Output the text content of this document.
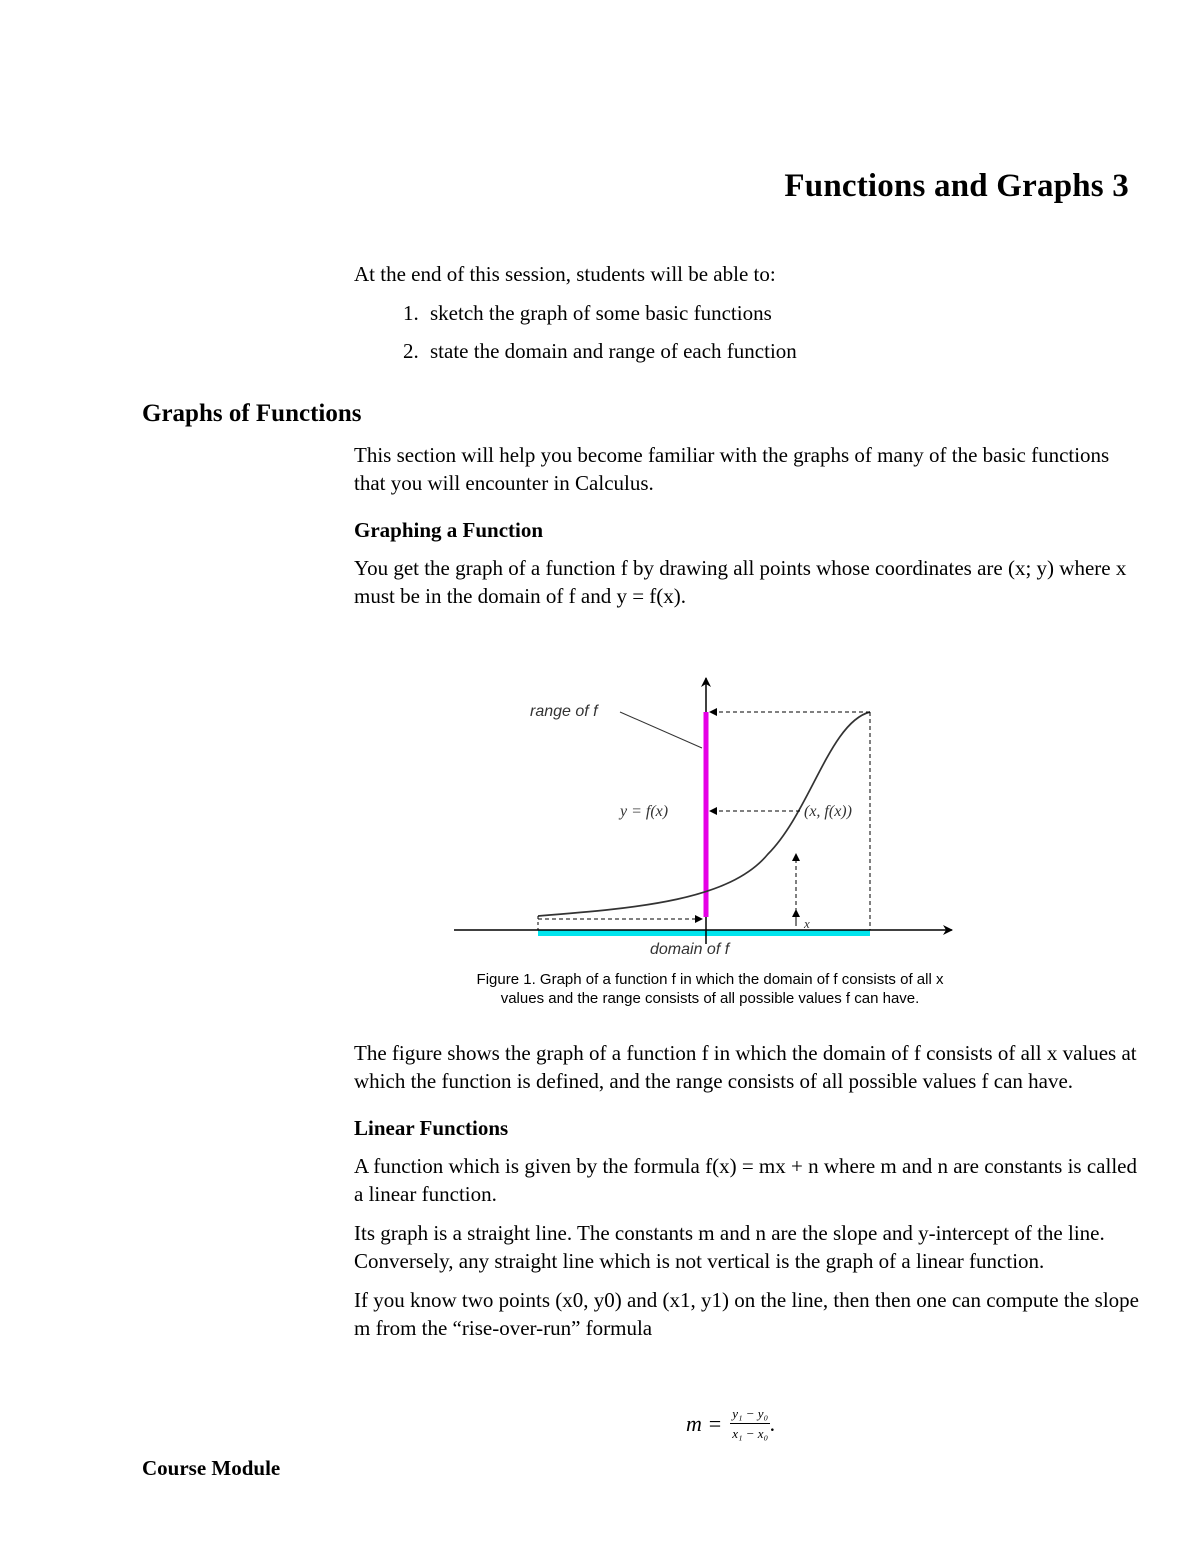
Functions and Graphs 3

At the end of this session, students will be able to:

1. sketch the graph of some basic functions
2. state the domain and range of each function
Graphs of Functions

This section will help you become familiar with the graphs of many of the basic functions that you will encounter in Calculus.

Graphing a Function

You get the graph of a function f by drawing all points whose coordinates are (x; y) where x must be in the domain of f and y = f(x).

range of f
y = f(x)	(x, f(x))
x
domain of f
Figure 1. Graph of a function f in which the domain of f consists of all x
values and the range consists of all possible values f can have.

The figure shows the graph of a function f in which the domain of f consists of all x values at which the function is defined, and the range consists of all possible values f can have.

Linear Functions

A function which is given by the formula f(x) = mx + n where m and n are constants is called a linear function.

Its graph is a straight line. The constants m and n are the slope and y-intercept of the line. Conversely, any straight line which is not vertical is the graph of a linear function.

If you know two points (x0, y0) and (x1, y1) on the line, then then one can compute the slope m from the “rise-over-run” formula

$m = \frac{\text{y₁ − y₀}}{\text{x₁ − x₀}}$ .

Course Module
